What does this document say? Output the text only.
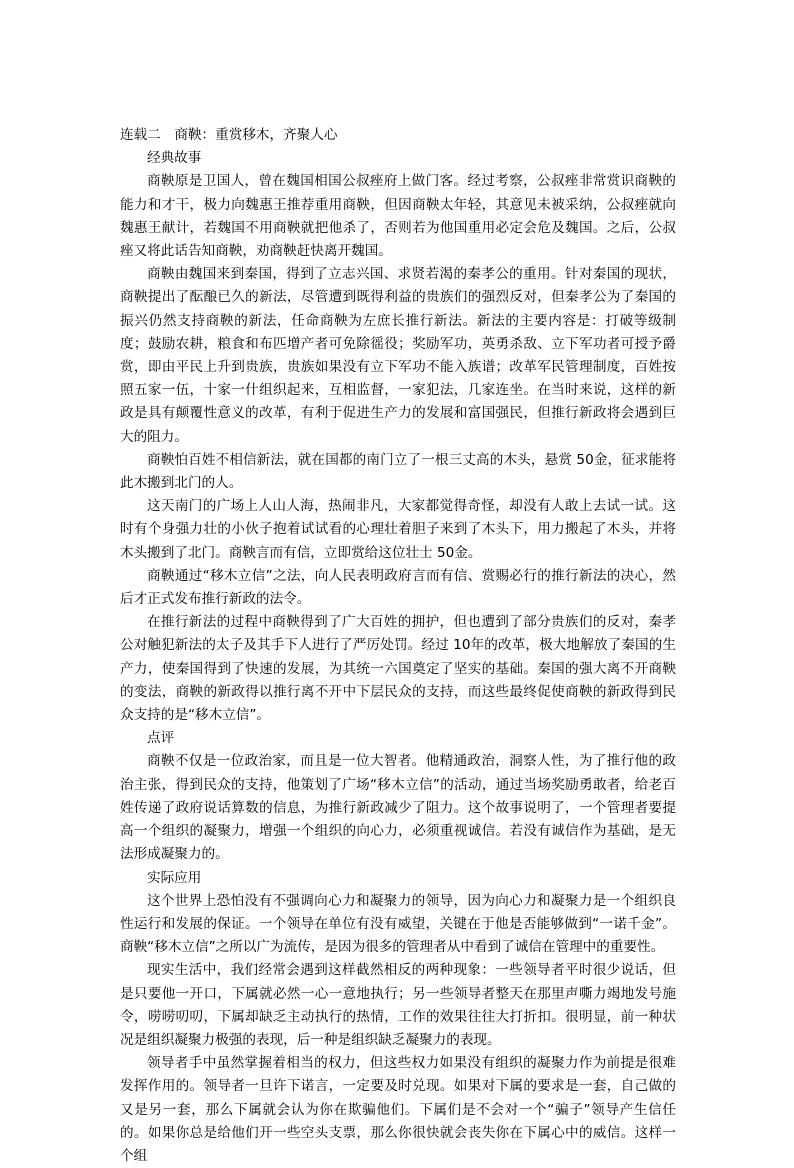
连载二　商鞅：重赏移木，齐聚人心

经典故事

商鞅原是卫国人，曾在魏国相国公叔痤府上做门客。经过考察，公叔痤非常赏识商鞅的能力和才干，极力向魏惠王推荐重用商鞅，但因商鞅太年轻，其意见未被采纳，公叔痤就向魏惠王献计，若魏国不用商鞅就把他杀了，否则若为他国重用必定会危及魏国。之后，公叔痤又将此话告知商鞅，劝商鞅赶快离开魏国。

商鞅由魏国来到秦国，得到了立志兴国、求贤若渴的秦孝公的重用。针对秦国的现状，商鞅提出了酝酿已久的新法，尽管遭到既得利益的贵族们的强烈反对，但秦孝公为了秦国的振兴仍然支持商鞅的新法，任命商鞅为左庶长推行新法。新法的主要内容是：打破等级制度；鼓励农耕，粮食和布匹增产者可免除徭役；奖励军功，英勇杀敌、立下军功者可授予爵赏，即由平民上升到贵族，贵族如果没有立下军功不能入族谱；改革军民管理制度，百姓按照五家一伍，十家一什组织起来，互相监督，一家犯法，几家连坐。在当时来说，这样的新政是具有颠覆性意义的改革，有利于促进生产力的发展和富国强民，但推行新政将会遇到巨大的阻力。

商鞅怕百姓不相信新法，就在国都的南门立了一根三丈高的木头，悬赏 50金，征求能将此木搬到北门的人。

这天南门的广场上人山人海，热闹非凡，大家都觉得奇怪，却没有人敢上去试一试。这时有个身强力壮的小伙子抱着试试看的心理壮着胆子来到了木头下，用力搬起了木头，并将木头搬到了北门。商鞅言而有信，立即赏给这位壮士 50金。

商鞅通过“移木立信”之法，向人民表明政府言而有信、赏赐必行的推行新法的决心，然后才正式发布推行新政的法令。

在推行新法的过程中商鞅得到了广大百姓的拥护，但也遭到了部分贵族们的反对，秦孝公对触犯新法的太子及其手下人进行了严厉处罚。经过 10年的改革，极大地解放了秦国的生产力，使秦国得到了快速的发展，为其统一六国奠定了坚实的基础。秦国的强大离不开商鞅的变法，商鞅的新政得以推行离不开中下层民众的支持，而这些最终促使商鞅的新政得到民众支持的是“移木立信”。

点评

商鞅不仅是一位政治家，而且是一位大智者。他精通政治，洞察人性，为了推行他的政治主张，得到民众的支持，他策划了广场“移木立信”的活动，通过当场奖励勇敢者，给老百姓传递了政府说话算数的信息，为推行新政减少了阻力。这个故事说明了，一个管理者要提高一个组织的凝聚力，增强一个组织的向心力，必须重视诚信。若没有诚信作为基础，是无法形成凝聚力的。

实际应用

这个世界上恐怕没有不强调向心力和凝聚力的领导，因为向心力和凝聚力是一个组织良性运行和发展的保证。一个领导在单位有没有威望，关键在于他是否能够做到“一诺千金”。商鞅“移木立信”之所以广为流传，是因为很多的管理者从中看到了诚信在管理中的重要性。

现实生活中，我们经常会遇到这样截然相反的两种现象：一些领导者平时很少说话，但是只要他一开口，下属就必然一心一意地执行；另一些领导者整天在那里声嘶力竭地发号施令，唠唠叨叨，下属却缺乏主动执行的热情，工作的效果往往大打折扣。很明显，前一种状况是组织凝聚力极强的表现，后一种是组织缺乏凝聚力的表现。

领导者手中虽然掌握着相当的权力，但这些权力如果没有组织的凝聚力作为前提是很难发挥作用的。领导者一旦许下诺言，一定要及时兑现。如果对下属的要求是一套，自己做的又是另一套，那么下属就会认为你在欺骗他们。下属们是不会对一个“骗子”领导产生信任的。如果你总是给他们开一些空头支票，那么你很快就会丧失你在下属心中的威信。这样一个组
